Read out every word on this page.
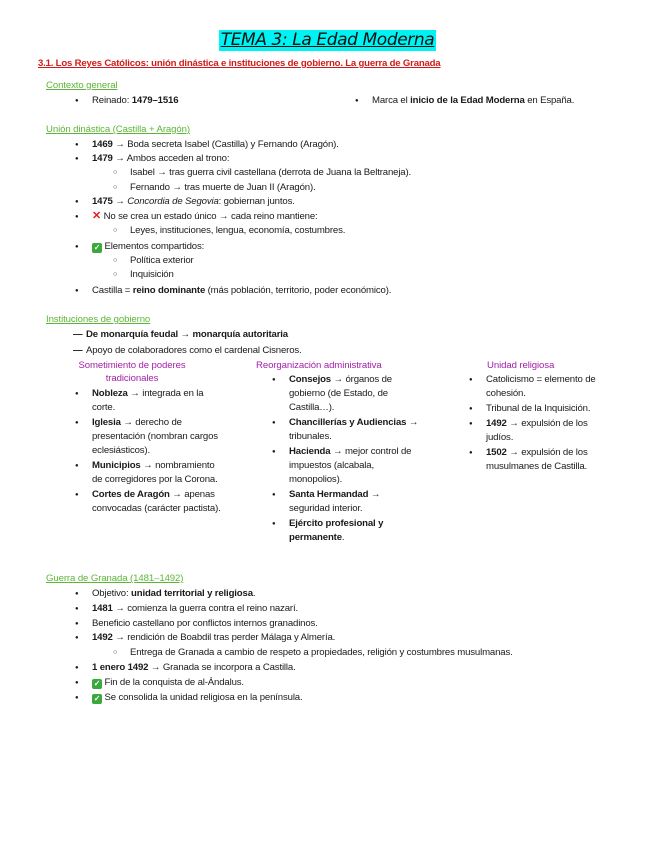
TEMA 3: La Edad Moderna
3.1. Los Reyes Católicos: unión dinástica e instituciones de gobierno. La guerra de Granada
Contexto general
● Reinado: 1479–1516
●	Marca el inicio de la Edad Moderna en España.
Unión dinástica (Castilla + Aragón)
● 1469 → Boda secreta Isabel (Castilla) y Fernando (Aragón).
● 1479 → Ambos acceden al trono:
○ Isabel → tras guerra civil castellana (derrota de Juana la Beltraneja).
○ Fernando → tras muerte de Juan II (Aragón).
● 1475 → Concordia de Segovia: gobiernan juntos.
● ✕ No se crea un estado único → cada reino mantiene:
○ Leyes, instituciones, lengua, economía, costumbres.
● ✓ Elementos compartidos:
○ Política exterior
○ Inquisición
● Castilla = reino dominante (más población, territorio, poder económico).
Instituciones de gobierno
— De monarquía feudal → monarquía autoritaria
— Apoyo de colaboradores como el cardenal Cisneros.
Sometimiento de poderes tradicionales
● Nobleza → integrada en la corte.
● Iglesia → derecho de presentación (nombran cargos eclesiásticos).
● Municipios → nombramiento de corregidores por la Corona.
● Cortes de Aragón → apenas convocadas (carácter pactista).
Reorganización administrativa
● Consejos → órganos de gobierno (de Estado, de Castilla…).
● Chancillerías y Audiencias → tribunales.
● Hacienda → mejor control de impuestos (alcabala, monopolios).
● Santa Hermandad → seguridad interior.
● Ejército profesional y permanente.
Unidad religiosa
● Catolicismo = elemento de cohesión.
● Tribunal de la Inquisición.
● 1492 → expulsión de los judíos.
● 1502 → expulsión de los musulmanes de Castilla.
Guerra de Granada (1481–1492)
● Objetivo: unidad territorial y religiosa.
● 1481 → comienza la guerra contra el reino nazarí.
● Beneficio castellano por conflictos internos granadinos.
● 1492 → rendición de Boabdil tras perder Málaga y Almería.
○ Entrega de Granada a cambio de respeto a propiedades, religión y costumbres musulmanas.
● 1 enero 1492 → Granada se incorpora a Castilla.
● ✓ Fin de la conquista de al-Ándalus.
● ✓ Se consolida la unidad religiosa en la península.
